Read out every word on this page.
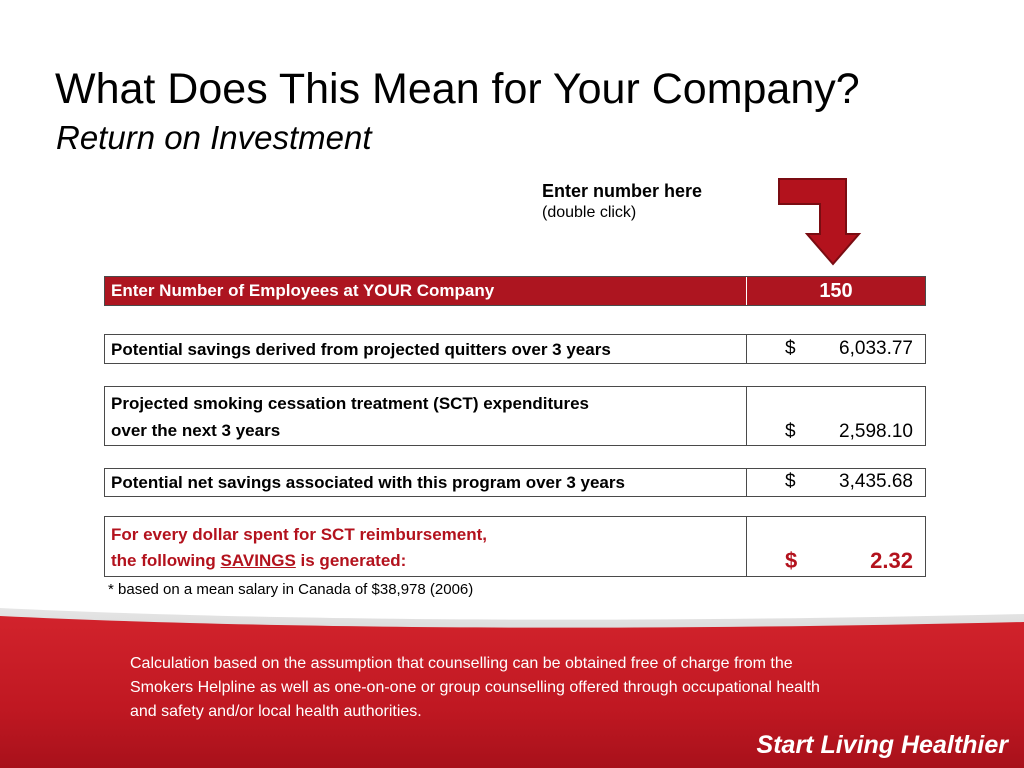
What Does This Mean for Your Company?
Return on Investment
Enter number here
(double click)
Enter Number of Employees at YOUR Company	150
Potential savings derived from projected quitters over 3 years	$ 6,033.77
Projected smoking cessation treatment (SCT) expenditures
over the next 3 years	$ 2,598.10
Potential net savings associated with this program over 3 years	$ 3,435.68
For every dollar spent for SCT reimbursement,
the following SAVINGS is generated:	$	2.32
* based on a mean salary in Canada of $38,978 (2006)
Calculation based on the assumption that counselling can be obtained free of charge from the Smokers Helpline as well as one-on-one or group counselling offered through occupational health and safety and/or local health authorities.
Start Living Healthier
